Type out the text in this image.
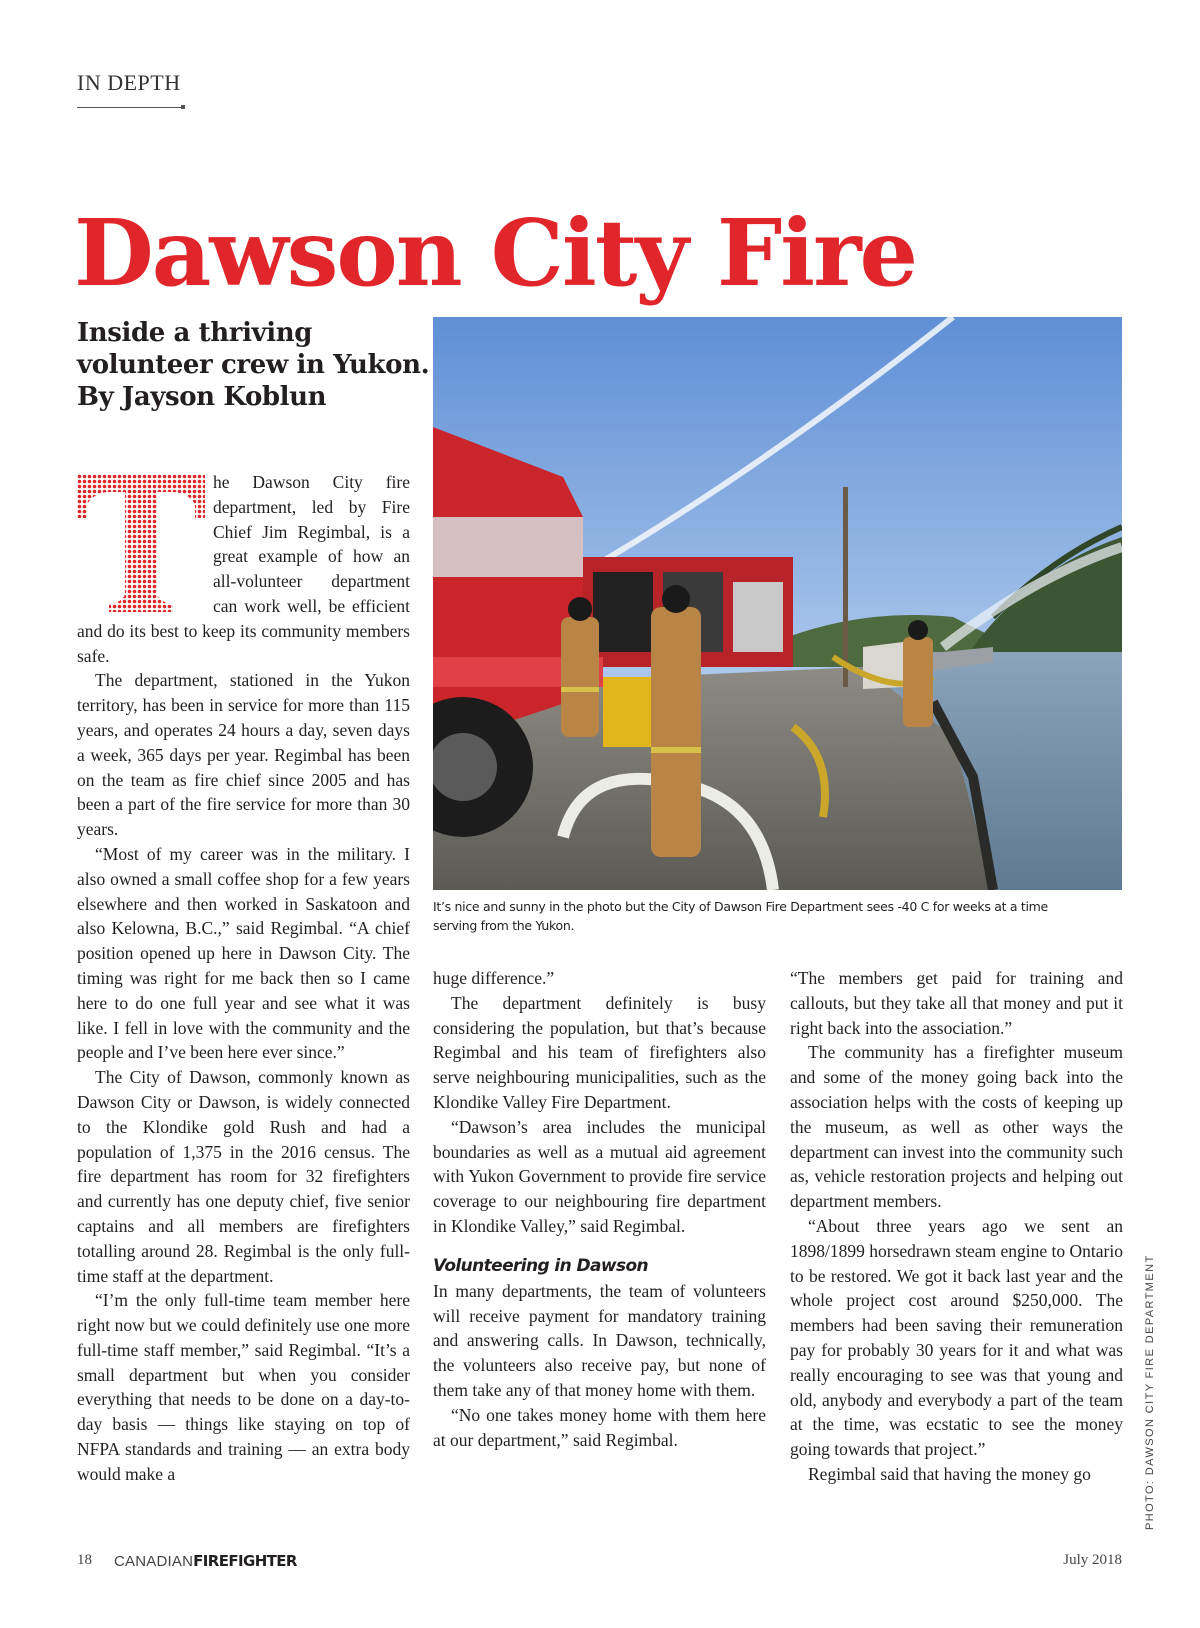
IN DEPTH
Dawson City Fire
Inside a thriving
volunteer crew in Yukon.
By Jayson Koblun
It’s nice and sunny in the photo but the City of Dawson Fire Department sees -40 C for weeks at a time serving from the Yukon.
PHOTO: DAWSON CITY FIRE DEPARTMENT

he Dawson City fire department, led by Fire Chief Jim Regimbal, is a great example of how an all-volunteer department can work well, be efficient and do its best to keep its community members safe.

The department, stationed in the Yukon territory, has been in service for more than 115 years, and operates 24 hours a day, seven days a week, 365 days per year. Regimbal has been on the team as fire chief since 2005 and has been a part of the fire service for more than 30 years.

“Most of my career was in the military. I also owned a small coffee shop for a few years elsewhere and then worked in Saskatoon and also Kelowna, B.C.,” said Regimbal. “A chief position opened up here in Dawson City. The timing was right for me back then so I came here to do one full year and see what it was like. I fell in love with the community and the people and I’ve been here ever since.”

The City of Dawson, commonly known as Dawson City or Dawson, is widely connected to the Klondike gold Rush and had a population of 1,375 in the 2016 census. The fire department has room for 32 firefighters and currently has one deputy chief, five senior captains and all members are firefighters totalling around 28. Regimbal is the only full-time staff at the department.

“I’m the only full-time team member here right now but we could definitely use one more full-time staff member,” said Regimbal. “It’s a small department but when you consider everything that needs to be done on a day-to-day basis — things like staying on top of NFPA standards and training — an extra body would make a

huge difference.”

The department definitely is busy considering the population, but that’s because Regimbal and his team of firefighters also serve neighbouring municipalities, such as the Klondike Valley Fire Department.

“Dawson’s area includes the municipal boundaries as well as a mutual aid agreement with Yukon Government to provide fire service coverage to our neighbouring fire department in Klondike Valley,” said Regimbal.

Volunteering in Dawson

In many departments, the team of volunteers will receive payment for mandatory training and answering calls. In Dawson, technically, the volunteers also receive pay, but none of them take any of that money home with them.

“No one takes money home with them here at our department,” said Regimbal.

“The members get paid for training and callouts, but they take all that money and put it right back into the association.”

The community has a firefighter museum and some of the money going back into the association helps with the costs of keeping up the museum, as well as other ways the department can invest into the community such as, vehicle restoration projects and helping out department members.

“About three years ago we sent an 1898/1899 horsedrawn steam engine to Ontario to be restored. We got it back last year and the whole project cost around $250,000. The members had been saving their remuneration pay for probably 30 years for it and what was really encouraging to see was that young and old, anybody and everybody a part of the team at the time, was ecstatic to see the money going towards that project.”

Regimbal said that having the money go

18 CANADIANFIREFIGHTER	July 2018
